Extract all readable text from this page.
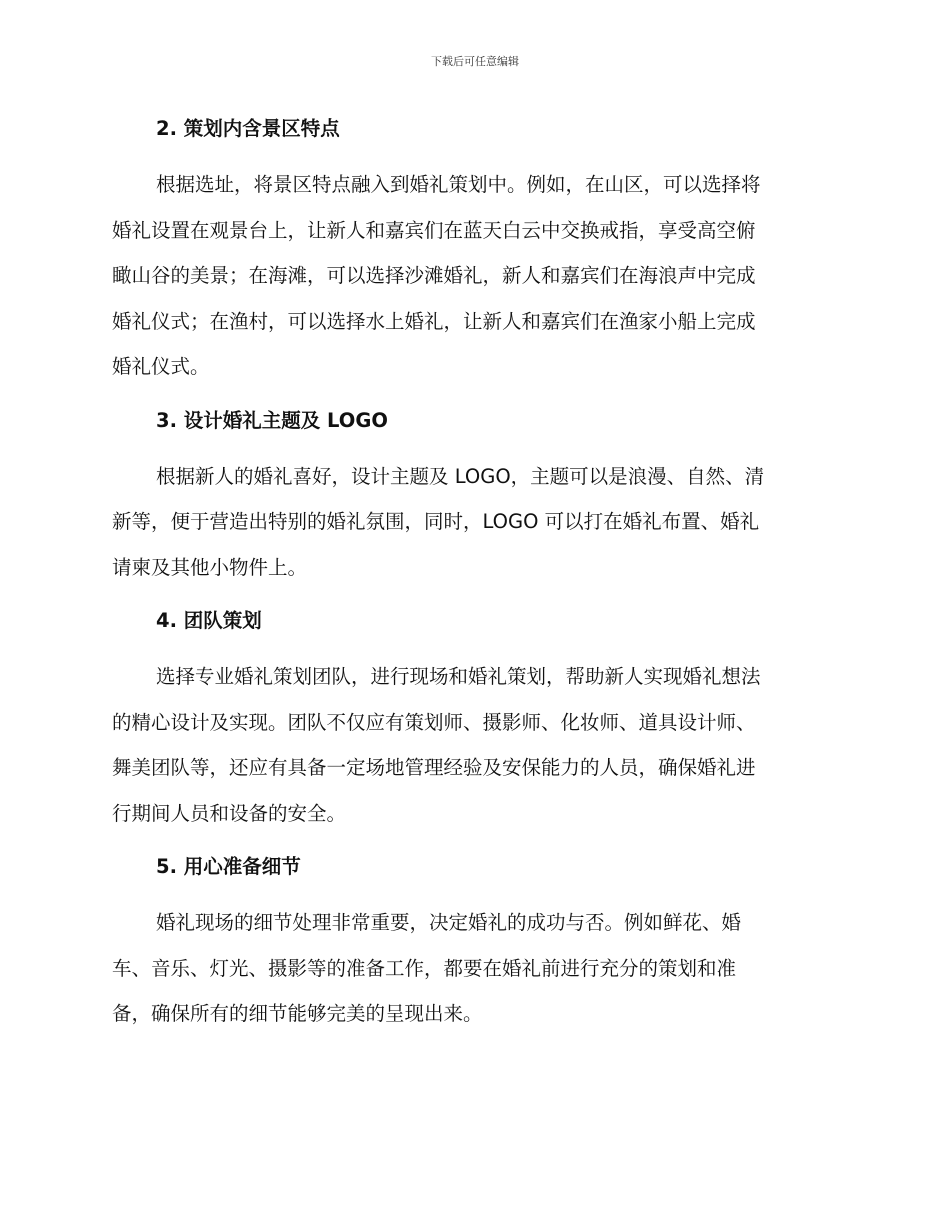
下载后可任意编辑
2. 策划内含景区特点

根据选址，将景区特点融入到婚礼策划中。例如，在山区，可以选择将
婚礼设置在观景台上，让新人和嘉宾们在蓝天白云中交换戒指，享受高空俯
瞰山谷的美景；在海滩，可以选择沙滩婚礼，新人和嘉宾们在海浪声中完成
婚礼仪式；在渔村，可以选择水上婚礼，让新人和嘉宾们在渔家小船上完成
婚礼仪式。

3. 设计婚礼主题及 LOGO

根据新人的婚礼喜好，设计主题及 LOGO，主题可以是浪漫、自然、清
新等，便于营造出特别的婚礼氛围，同时，LOGO 可以打在婚礼布置、婚礼
请柬及其他小物件上。

4. 团队策划

选择专业婚礼策划团队，进行现场和婚礼策划，帮助新人实现婚礼想法
的精心设计及实现。团队不仅应有策划师、摄影师、化妆师、道具设计师、
舞美团队等，还应有具备一定场地管理经验及安保能力的人员，确保婚礼进
行期间人员和设备的安全。

5. 用心准备细节

婚礼现场的细节处理非常重要，决定婚礼的成功与否。例如鲜花、婚
车、音乐、灯光、摄影等的准备工作，都要在婚礼前进行充分的策划和准
备，确保所有的细节能够完美的呈现出来。
